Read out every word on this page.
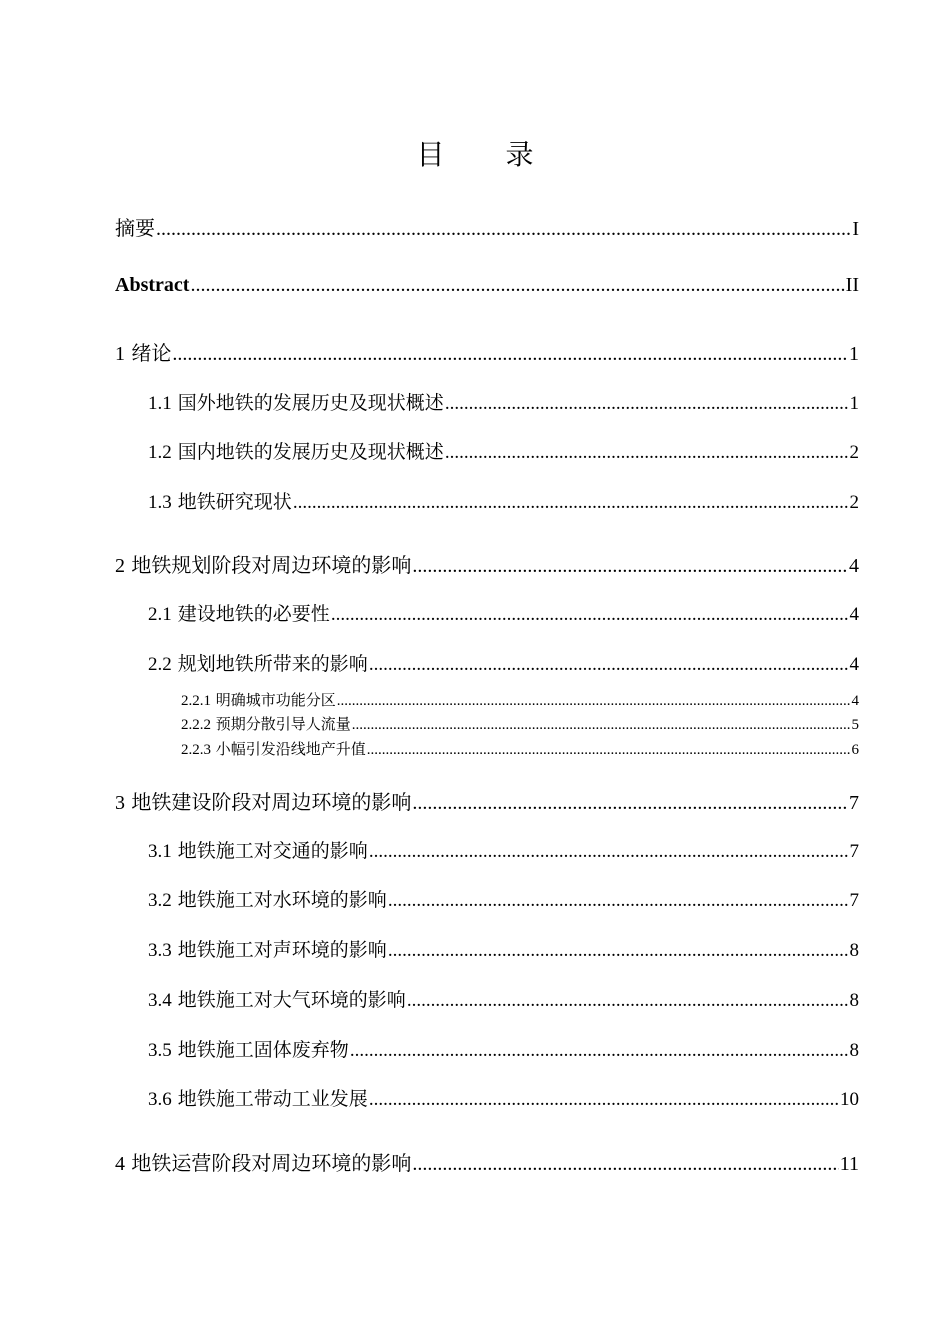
目 录
摘要 .....	I
Abstract .....	II
1 绪论 .....	1
1.1 国外地铁的发展历史及现状概述 .....	1
1.2 国内地铁的发展历史及现状概述 .....	2
1.3 地铁研究现状 .....	2
2 地铁规划阶段对周边环境的影响 .....	4
2.1 建设地铁的必要性 .....	4
2.2 规划地铁所带来的影响 .....	4
2.2.1 明确城市功能分区 .....	4
2.2.2 预期分散引导人流量 .....	5
2.2.3 小幅引发沿线地产升值 .....	6
3 地铁建设阶段对周边环境的影响 .....	7
3.1 地铁施工对交通的影响 .....	7
3.2 地铁施工对水环境的影响 .....	7
3.3 地铁施工对声环境的影响 .....	8
3.4 地铁施工对大气环境的影响 .....	8
3.5 地铁施工固体废弃物 .....	8
3.6 地铁施工带动工业发展 .....	10
4 地铁运营阶段对周边环境的影响 .....	11
